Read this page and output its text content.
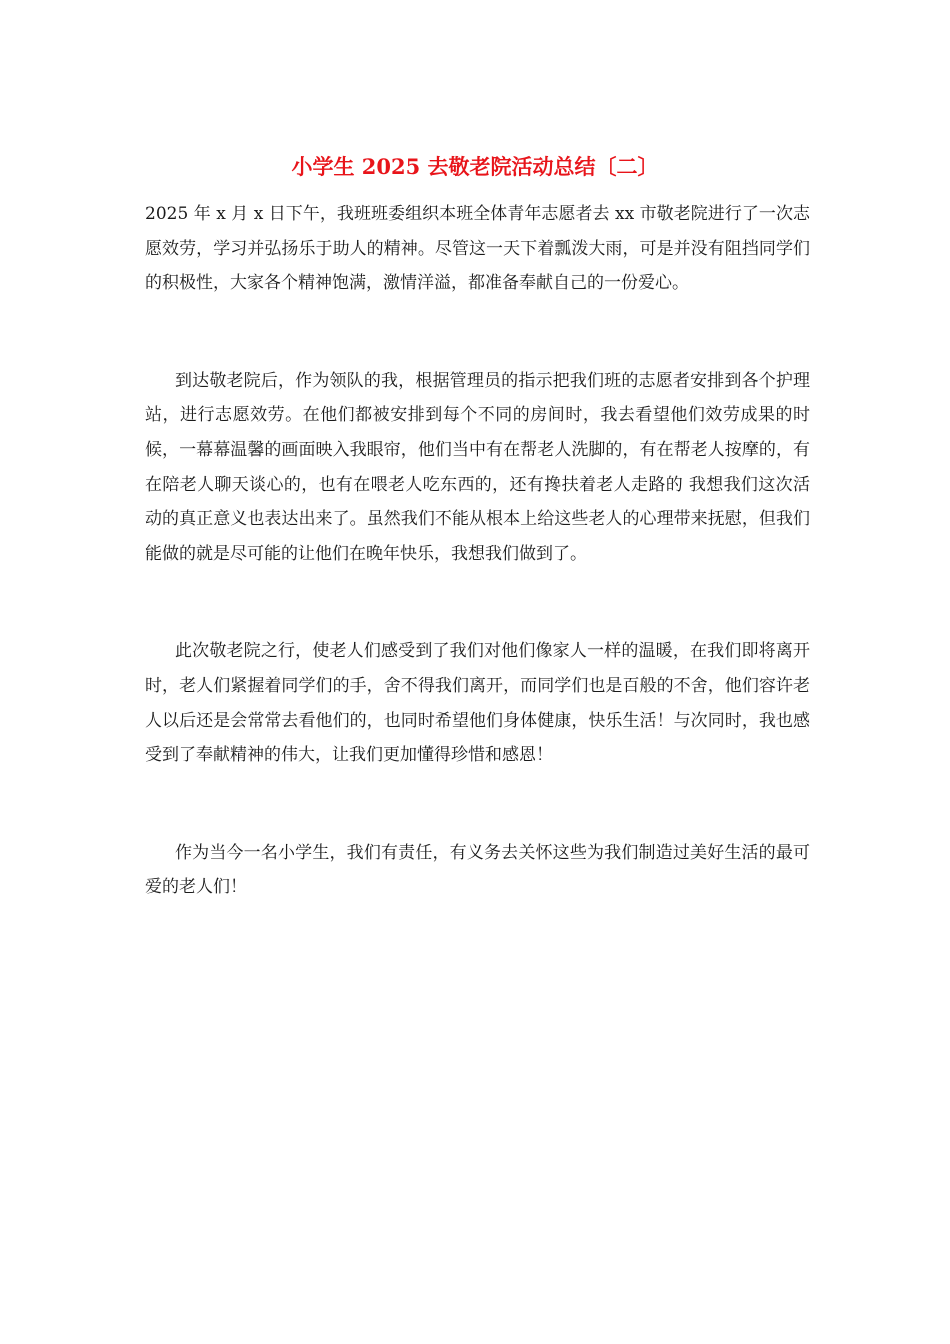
小学生 2025 去敬老院活动总结〔二〕

2025 年 x 月 x 日下午，我班班委组织本班全体青年志愿者去 xx 市敬老院进行了一次志愿效劳，学习并弘扬乐于助人的精神。尽管这一天下着瓢泼大雨，可是并没有阻挡同学们的积极性，大家各个精神饱满，激情洋溢，都准备奉献自己的一份爱心。

到达敬老院后，作为领队的我，根据管理员的指示把我们班的志愿者安排到各个护理站，进行志愿效劳。在他们都被安排到每个不同的房间时，我去看望他们效劳成果的时候，一幕幕温馨的画面映入我眼帘，他们当中有在帮老人洗脚的，有在帮老人按摩的，有在陪老人聊天谈心的，也有在喂老人吃东西的，还有搀扶着老人走路的 我想我们这次活动的真正意义也表达出来了。虽然我们不能从根本上给这些老人的心理带来抚慰，但我们能做的就是尽可能的让他们在晚年快乐，我想我们做到了。

此次敬老院之行，使老人们感受到了我们对他们像家人一样的温暖，在我们即将离开时，老人们紧握着同学们的手，舍不得我们离开，而同学们也是百般的不舍，他们容许老人以后还是会常常去看他们的，也同时希望他们身体健康，快乐生活！与次同时，我也感受到了奉献精神的伟大，让我们更加懂得珍惜和感恩！

作为当今一名小学生，我们有责任，有义务去关怀这些为我们制造过美好生活的最可爱的老人们！
